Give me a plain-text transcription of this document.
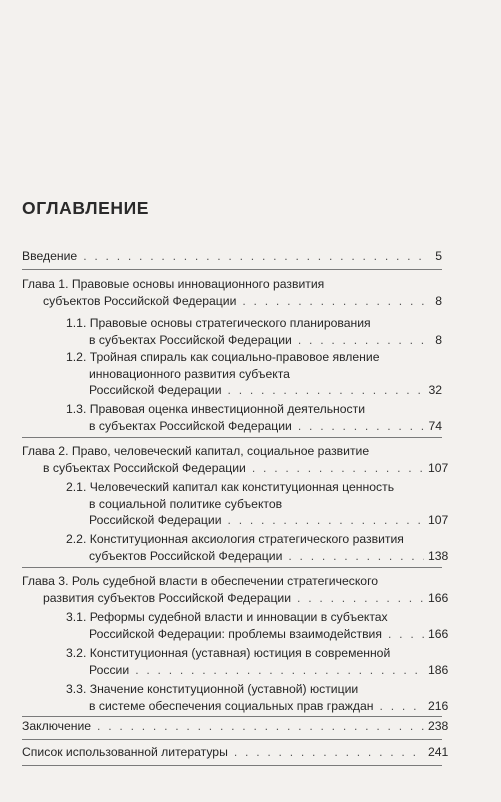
ОГЛАВЛЕНИЕ
Введение . . .	5
Глава 1. Правовые основы инновационного развития
субъектов Российской Федерации . . .	8
1.1. Правовые основы стратегического планирования
в субъектах Российской Федерации . . .	8
1.2. Тройная спираль как социально-правовое явление
инновационного развития субъекта
Российской Федерации . . .	32
1.3. Правовая оценка инвестиционной деятельности
в субъектах Российской Федерации . . .	74
Глава 2. Право, человеческий капитал, социальное развитие
в субъектах Российской Федерации . . .	107
2.1. Человеческий капитал как конституционная ценность
в социальной политике субъектов
Российской Федерации . . .	107
2.2. Конституционная аксиология стратегического развития
субъектов Российской Федерации . . .	138
Глава 3. Роль судебной власти в обеспечении стратегического
развития субъектов Российской Федерации . . .	166
3.1. Реформы судебной власти и инновации в субъектах
Российской Федерации: проблемы взаимодействия . . .	166
3.2. Конституционная (уставная) юстиция в современной
России . . .	186
3.3. Значение конституционной (уставной) юстиции
в системе обеспечения социальных прав граждан . . .	216
Заключение . . .	238
Список использованной литературы . . .	241
